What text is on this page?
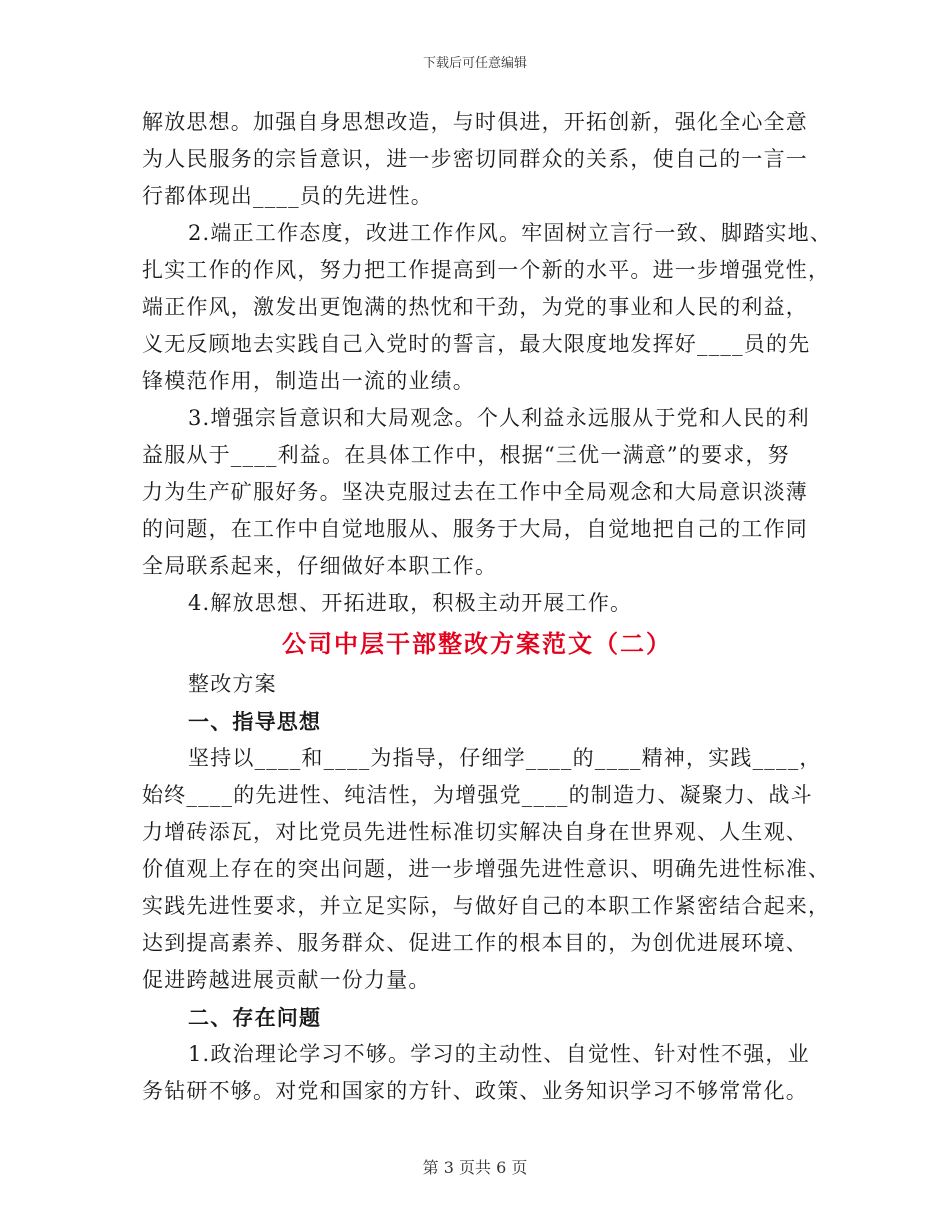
下载后可任意编辑
解放思想。加强自身思想改造，与时俱进，开拓创新，强化全心全意
为人民服务的宗旨意识，进一步密切同群众的关系，使自己的一言一
行都体现出____员的先进性。
2.端正工作态度，改进工作作风。牢固树立言行一致、脚踏实地、
扎实工作的作风，努力把工作提高到一个新的水平。进一步增强党性，
端正作风，激发出更饱满的热忱和干劲，为党的事业和人民的利益，
义无反顾地去实践自己入党时的誓言，最大限度地发挥好____员的先
锋模范作用，制造出一流的业绩。
3.增强宗旨意识和大局观念。个人利益永远服从于党和人民的利
益服从于____利益。在具体工作中，根据“三优一满意”的要求，努
力为生产矿服好务。坚决克服过去在工作中全局观念和大局意识淡薄
的问题，在工作中自觉地服从、服务于大局，自觉地把自己的工作同
全局联系起来，仔细做好本职工作。
4.解放思想、开拓进取，积极主动开展工作。
公司中层干部整改方案范文（二）
整改方案
一、指导思想
坚持以____和____为指导，仔细学____的____精神，实践____，
始终____的先进性、纯洁性，为增强党____的制造力、凝聚力、战斗
力增砖添瓦，对比党员先进性标准切实解决自身在世界观、人生观、
价值观上存在的突出问题，进一步增强先进性意识、明确先进性标准、
实践先进性要求，并立足实际，与做好自己的本职工作紧密结合起来，
达到提高素养、服务群众、促进工作的根本目的，为创优进展环境、
促进跨越进展贡献一份力量。
二、存在问题
1.政治理论学习不够。学习的主动性、自觉性、针对性不强，业
务钻研不够。对党和国家的方针、政策、业务知识学习不够常常化。
第 3 页共 6 页
